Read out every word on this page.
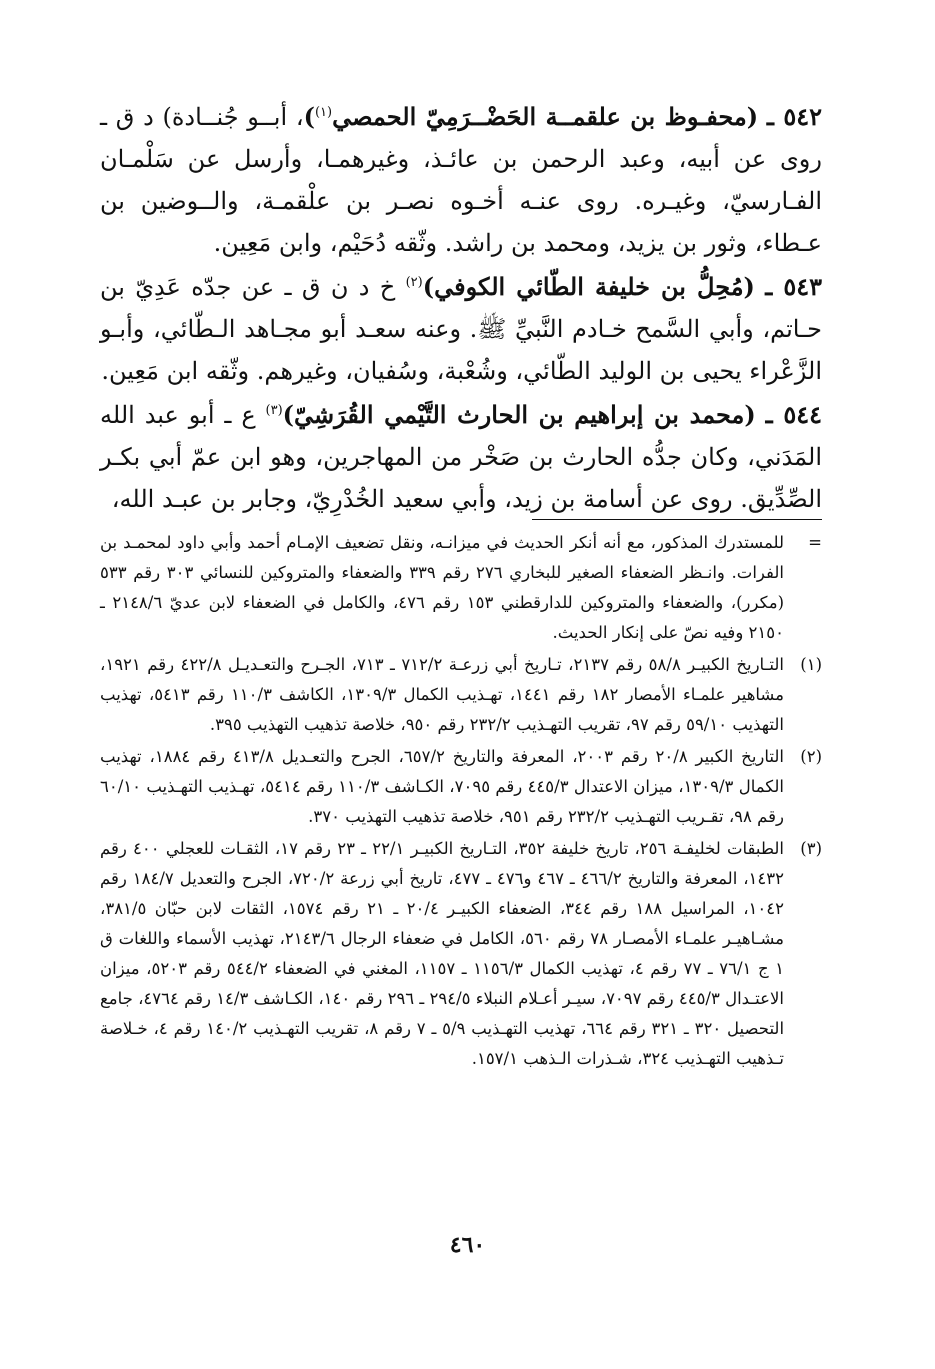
٥٤٢ ـ (محفـوظ بن علقمــة الحَضْــرَمِيّ الحمصي$^{(١)}$)، أبــو جُنــادة) د ق ـ روى عن أبيه، وعبد الرحمن بن عائـذ، وغيرهمـا، وأرسل عن سَلْمـان الفـارسيّ، وغيـره. روى عنـه أخـوه نصـر بن علْقمـة، والــوضين بن عـطاء، وثور بن يزيد، ومحمد بن راشد. وثّقه دُحَيْم، وابن مَعِين.

٥٤٣ ـ (مُحِلُّ بن خليفة الطّائي الكوفي)$^{(٢)}$ خ د ن ق ـ عن جدّه عَدِيّ بن حـاتم، وأبي السَّمح خـادم النَّبيِّ ﷺ. وعنه سعـد أبو مجـاهد الـطّائي، وأبـو الزَّعْراء يحيى بن الوليد الطّائي، وشُعْبة، وسُفيان، وغيرهم. وثّقه ابن مَعِين.

٥٤٤ ـ (محمد بن إبراهيم بن الحارث التَّيْمي القُرَشِيّ)$^{(٣)}$ ع ـ أبو عبد الله المَدَني، وكان جدُّه الحارث بن صَخْر من المهاجرين، وهو ابن عمّ أبي بكـر الصِّدِّيق. روى عن أسامة بن زيد، وأبي سعيد الخُدْرِيّ، وجابر بن عبـد الله،

=
للمستدرك المذكور، مع أنه أنكر الحديث في ميزانـه، ونقل تضعيف الإمـام أحمد وأبي داود لمحمـد بن الفرات. وانـظر الضعفاء الصغير للبخاري ٢٧٦ رقم ٣٣٩ والضعفاء والمتروكين للنسائي ٣٠٣ رقم ٥٣٣ (مكرر)، والضعفاء والمتروكين للدارقطني ١٥٣ رقم ٤٧٦، والكامل في الضعفاء لابن عديّ ٢١٤٨/٦ ـ ٢١٥٠ وفيه نصّ على إنكار الحديث.
(١)
التـاريخ الكبيـر ٥٨/٨ رقم ٢١٣٧، تـاريخ أبي زرعـة ٧١٢/٢ ـ ٧١٣، الجـرح والتعـديـل ٤٢٢/٨ رقم ١٩٢١، مشاهير علمـاء الأمصار ١٨٢ رقم ١٤٤١، تهـذيب الكمال ١٣٠٩/٣، الكاشف ١١٠/٣ رقم ٥٤١٣، تهذيب التهذيب ٥٩/١٠ رقم ٩٧، تقريب التهـذيب ٢٣٢/٢ رقم ٩٥٠، خلاصة تذهيب التهذيب ٣٩٥.
(٢)
التاريخ الكبير ٢٠/٨ رقم ٢٠٠٣، المعرفة والتاريخ ٦٥٧/٢، الجرح والتعـديل ٤١٣/٨ رقم ١٨٨٤، تهذيب الكمال ١٣٠٩/٣، ميزان الاعتدال ٤٤٥/٣ رقم ٧٠٩٥، الكـاشف ١١٠/٣ رقم ٥٤١٤، تهـذيب التهـذيب ٦٠/١٠ رقم ٩٨، تقـريب التهـذيب ٢٣٢/٢ رقم ٩٥١، خلاصة تذهيب التهذيب ٣٧٠.
(٣)
الطبقات لخليفـة ٢٥٦، تاريخ خليفة ٣٥٢، التـاريخ الكبيـر ٢٢/١ ـ ٢٣ رقم ١٧، الثقـات للعجلي ٤٠٠ رقم ١٤٣٢، المعرفة والتاريخ ٤٦٦/٢ ـ ٤٦٧ و٤٧٦ ـ ٤٧٧، تاريخ أبي زرعة ٧٢٠/٢، الجرح والتعديل ١٨٤/٧ رقم ١٠٤٢، المراسيل ١٨٨ رقم ٣٤٤، الضعفاء الكبيـر ٢٠/٤ ـ ٢١ رقم ١٥٧٤، الثقات لابن حبّان ٣٨١/٥، مشـاهيـر علمـاء الأمصـار ٧٨ رقم ٥٦٠، الكامل في ضعفاء الرجال ٢١٤٣/٦، تهذيب الأسماء واللغات ق ١ ج ٧٦/١ ـ ٧٧ رقم ٤، تهذيب الكمال ١١٥٦/٣ ـ ١١٥٧، المغني في الضعفاء ٥٤٤/٢ رقم ٥٢٠٣، ميزان الاعتـدال ٤٤٥/٣ رقم ٧٠٩٧، سيـر أعـلام النبلاء ٢٩٤/٥ ـ ٢٩٦ رقم ١٤٠، الكـاشف ١٤/٣ رقم ٤٧٦٤، جامع التحصيل ٣٢٠ ـ ٣٢١ رقم ٦٦٤، تهذيب التهـذيب ٥/٩ ـ ٧ رقم ٨، تقريب التهـذيب ١٤٠/٢ رقم ٤، خـلاصة تـذهيب التهـذيب ٣٢٤، شـذرات الـذهب ١٥٧/١.
٤٦٠
